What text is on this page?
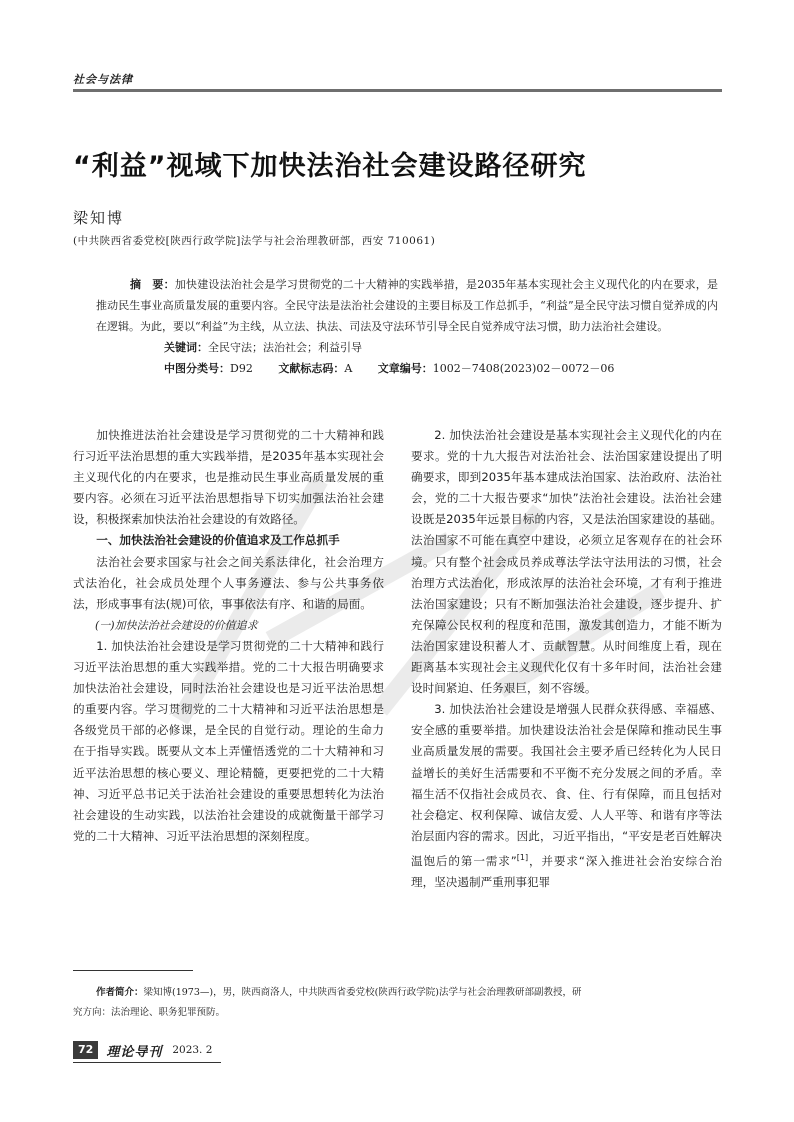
社会与法律
“利益”视域下加快法治社会建设路径研究
梁知博
(中共陕西省委党校[陕西行政学院]法学与社会治理教研部，西安 710061)

摘　要：加快建设法治社会是学习贯彻党的二十大精神的实践举措，是2035年基本实现社会主义现代化的内在要求，是推动民生事业高质量发展的重要内容。全民守法是法治社会建设的主要目标及工作总抓手，“利益”是全民守法习惯自觉养成的内在逻辑。为此，要以“利益”为主线，从立法、执法、司法及守法环节引导全民自觉养成守法习惯，助力法治社会建设。

关键词：全民守法；法治社会；利益引导

中图分类号：D92 文献标志码：A 文章编号：1002－7408(2023)02－0072－06

加快推进法治社会建设是学习贯彻党的二十大精神和践行习近平法治思想的重大实践举措，是2035年基本实现社会主义现代化的内在要求，也是推动民生事业高质量发展的重要内容。必须在习近平法治思想指导下切实加强法治社会建设，积极探索加快法治社会建设的有效路径。

一、加快法治社会建设的价值追求及工作总抓手

法治社会要求国家与社会之间关系法律化，社会治理方式法治化，社会成员处理个人事务遵法、参与公共事务依法，形成事事有法(规)可依，事事依法有序、和谐的局面。

(一)加快法治社会建设的价值追求

1. 加快法治社会建设是学习贯彻党的二十大精神和践行习近平法治思想的重大实践举措。党的二十大报告明确要求加快法治社会建设，同时法治社会建设也是习近平法治思想的重要内容。学习贯彻党的二十大精神和习近平法治思想是各级党员干部的必修课，是全民的自觉行动。理论的生命力在于指导实践。既要从文本上弄懂悟透党的二十大精神和习近平法治思想的核心要义、理论精髓，更要把党的二十大精神、习近平总书记关于法治社会建设的重要思想转化为法治社会建设的生动实践，以法治社会建设的成就衡量干部学习党的二十大精神、习近平法治思想的深刻程度。

2. 加快法治社会建设是基本实现社会主义现代化的内在要求。党的十九大报告对法治社会、法治国家建设提出了明确要求，即到2035年基本建成法治国家、法治政府、法治社会，党的二十大报告要求“加快”法治社会建设。法治社会建设既是2035年远景目标的内容，又是法治国家建设的基础。法治国家不可能在真空中建设，必须立足客观存在的社会环境。只有整个社会成员养成尊法学法守法用法的习惯，社会治理方式法治化，形成浓厚的法治社会环境，才有利于推进法治国家建设；只有不断加强法治社会建设，逐步提升、扩充保障公民权利的程度和范围，激发其创造力，才能不断为法治国家建设积蓄人才、贡献智慧。从时间维度上看，现在距离基本实现社会主义现代化仅有十多年时间，法治社会建设时间紧迫、任务艰巨，刻不容缓。

3. 加快法治社会建设是增强人民群众获得感、幸福感、安全感的重要举措。加快建设法治社会是保障和推动民生事业高质量发展的需要。我国社会主要矛盾已经转化为人民日益增长的美好生活需要和不平衡不充分发展之间的矛盾。幸福生活不仅指社会成员衣、食、住、行有保障，而且包括对社会稳定、权利保障、诚信友爱、人人平等、和谐有序等法治层面内容的需求。因此，习近平指出，“平安是老百姓解决温饱后的第一需求”[1]，并要求“深入推进社会治安综合治理，坚决遏制严重刑事犯罪

作者简介：梁知博(1973—)，男，陕西商洛人，中共陕西省委党校(陕西行政学院)法学与社会治理教研部副教授，研
究方向：法治理论、职务犯罪预防。
72	理论导刊 2023. 2
